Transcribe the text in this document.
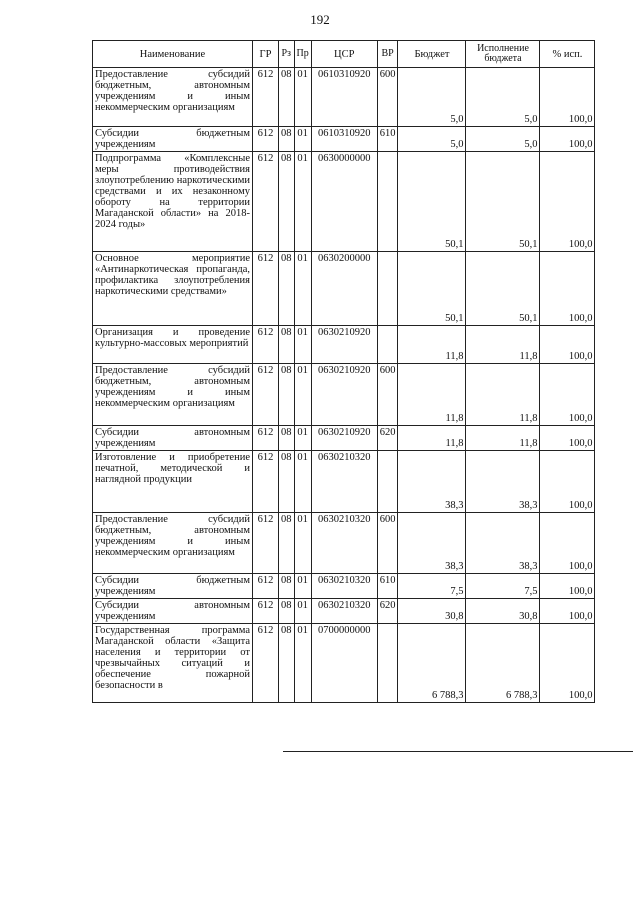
192
Наименование	ГР	Рз	Пр	ЦСР	ВР	Бюджет	Исполнение бюджета	% исп.
Предоставление субсидий бюджетным, автономным учреждениям и иным некоммерческим организациям	612	08	01	0610310920	600	5,0	5,0	100,0
Субсидии бюджетным учреждениям	612	08	01	0610310920	610	5,0	5,0	100,0
Подпрограмма «Комплексные меры противодействия злоупотреблению наркотическими средствами и их незаконному обороту на территории Магаданской области» на 2018-2024 годы»	612	08	01	0630000000		50,1	50,1	100,0
Основное мероприятие «Антинаркотическая пропаганда, профилактика злоупотребления наркотическими средствами»	612	08	01	0630200000		50,1	50,1	100,0
Организация и проведение культурно-массовых мероприятий	612	08	01	0630210920		11,8	11,8	100,0
Предоставление субсидий бюджетным, автономным учреждениям и иным некоммерческим организациям	612	08	01	0630210920	600	11,8	11,8	100,0
Субсидии автономным учреждениям	612	08	01	0630210920	620	11,8	11,8	100,0
Изготовление и приобретение печатной, методической и наглядной продукции	612	08	01	0630210320		38,3	38,3	100,0
Предоставление субсидий бюджетным, автономным учреждениям и иным некоммерческим организациям	612	08	01	0630210320	600	38,3	38,3	100,0
Субсидии бюджетным учреждениям	612	08	01	0630210320	610	7,5	7,5	100,0
Субсидии автономным учреждениям	612	08	01	0630210320	620	30,8	30,8	100,0
Государственная программа Магаданской области «Защита населения и территории от чрезвычайных ситуаций и обеспечение пожарной безопасности в	612	08	01	0700000000		6 788,3	6 788,3	100,0
